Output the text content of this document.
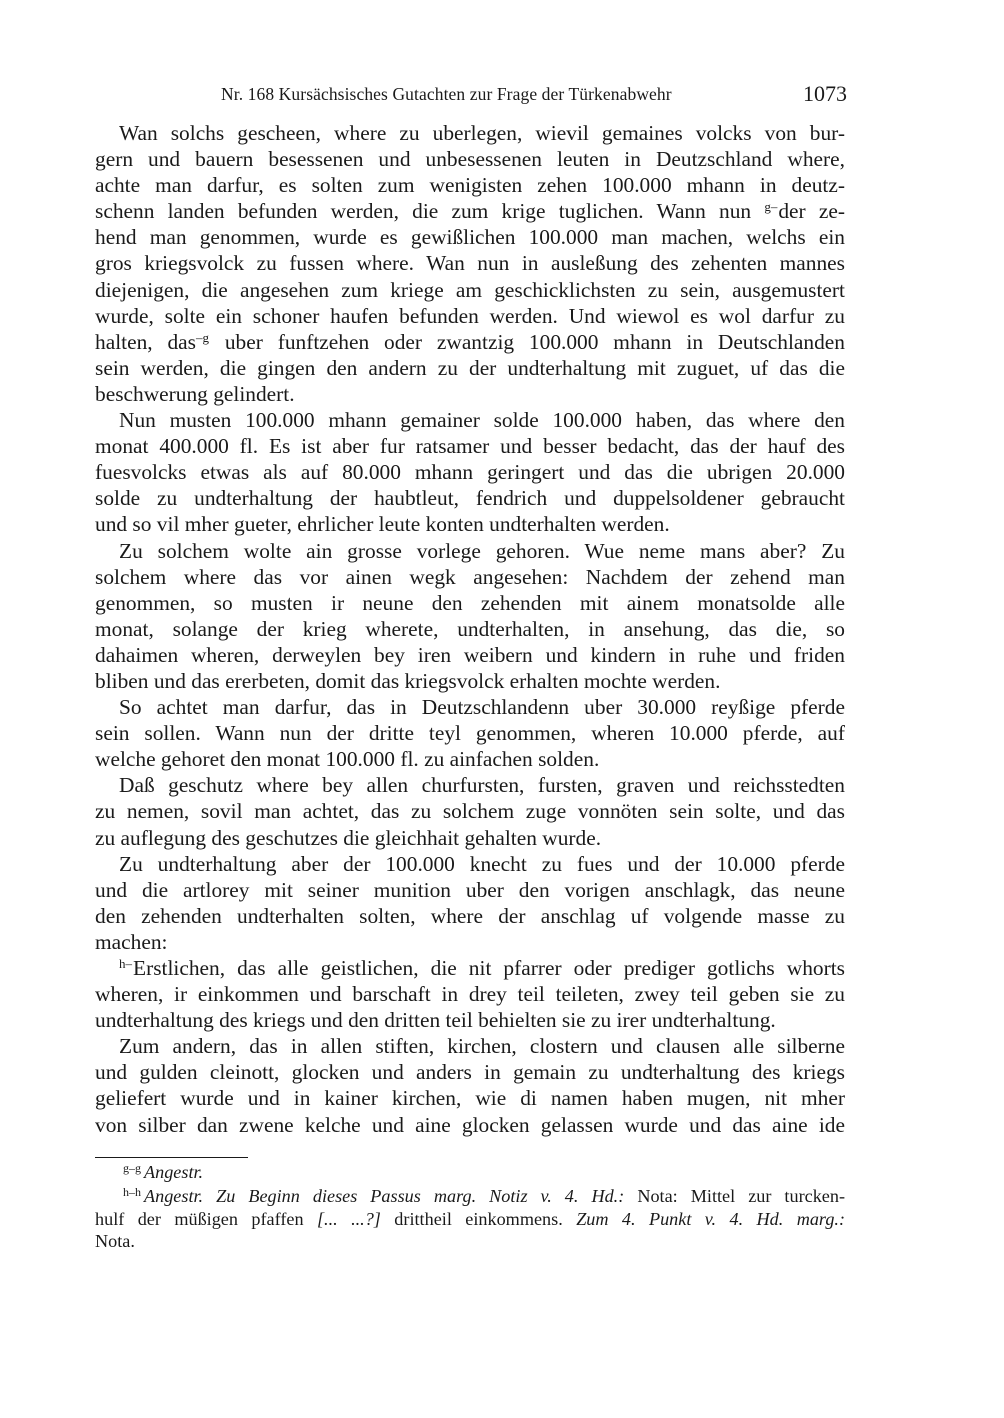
Nr. 168 Kursächsisches Gutachten zur Frage der Türkenabwehr	1073
Wan solchs gescheen, where zu uberlegen, wievil gemaines volcks von bur-
gern und bauern besessenen und unbesessenen leuten in Deutzschland where,
achte man darfur, es solten zum wenigisten zehen 100.000 mhann in deutz-
schenn landen befunden werden, die zum krige tuglichen. Wann nun $^{g-}$der ze-
hend man genommen, wurde es gewißlichen 100.000 man machen, welchs ein
gros kriegsvolck zu fussen where. Wan nun in ausleßung des zehenten mannes
diejenigen, die angesehen zum kriege am geschicklichsten zu sein, ausgemustert
wurde, solte ein schoner haufen befunden werden. Und wiewol es wol darfur zu
halten, das$^{-g}$ uber funftzehen oder zwantzig 100.000 mhann in Deutschlanden
sein werden, die gingen den andern zu der undterhaltung mit zuguet, uf das die
beschwerung gelindert.
Nun musten 100.000 mhann gemainer solde 100.000 haben, das where den
monat 400.000 fl. Es ist aber fur ratsamer und besser bedacht, das der hauf des
fuesvolcks etwas als auf 80.000 mhann geringert und das die ubrigen 20.000
solde zu undterhaltung der haubtleut, fendrich und duppelsoldener gebraucht
und so vil mher gueter, ehrlicher leute konten undterhalten werden.
Zu solchem wolte ain grosse vorlege gehoren. Wue neme mans aber? Zu
solchem where das vor ainen wegk angesehen: Nachdem der zehend man
genommen, so musten ir neune den zehenden mit ainem monatsolde alle
monat, solange der krieg wherete, undterhalten, in ansehung, das die, so
dahaimen wheren, derweylen bey iren weibern und kindern in ruhe und friden
bliben und das ererbeten, domit das kriegsvolck erhalten mochte werden.
So achtet man darfur, das in Deutzschlandenn uber 30.000 reyßige pferde
sein sollen. Wann nun der dritte teyl genommen, wheren 10.000 pferde, auf
welche gehoret den monat 100.000 fl. zu ainfachen solden.
Daß geschutz where bey allen churfursten, fursten, graven und reichsstedten
zu nemen, sovil man achtet, das zu solchem zuge vonnöten sein solte, und das
zu auflegung des geschutzes die gleichhait gehalten wurde.
Zu undterhaltung aber der 100.000 knecht zu fues und der 10.000 pferde
und die artlorey mit seiner munition uber den vorigen anschlagk, das neune
den zehenden undterhalten solten, where der anschlag uf volgende masse zu
machen:
$^{h-}$Erstlichen, das alle geistlichen, die nit pfarrer oder prediger gotlichs whorts
wheren, ir einkommen und barschaft in drey teil teileten, zwey teil geben sie zu
undterhaltung des kriegs und den dritten teil behielten sie zu irer undterhaltung.
Zum andern, das in allen stiften, kirchen, clostern und clausen alle silberne
und gulden cleinott, glocken und anders in gemain zu undterhaltung des kriegs
geliefert wurde und in kainer kirchen, wie di namen haben mugen, nit mher
von silber dan zwene kelche und aine glocken gelassen wurde und das aine ide
$^{g-g}$ Angestr.
$^{h-h}$ Angestr. Zu Beginn dieses Passus marg. Notiz v. 4. Hd.: Nota: Mittel zur turcken-
hulf der müßigen pfaffen [... ...?] drittheil einkommens. Zum 4. Punkt v. 4. Hd. marg.:
Nota.
